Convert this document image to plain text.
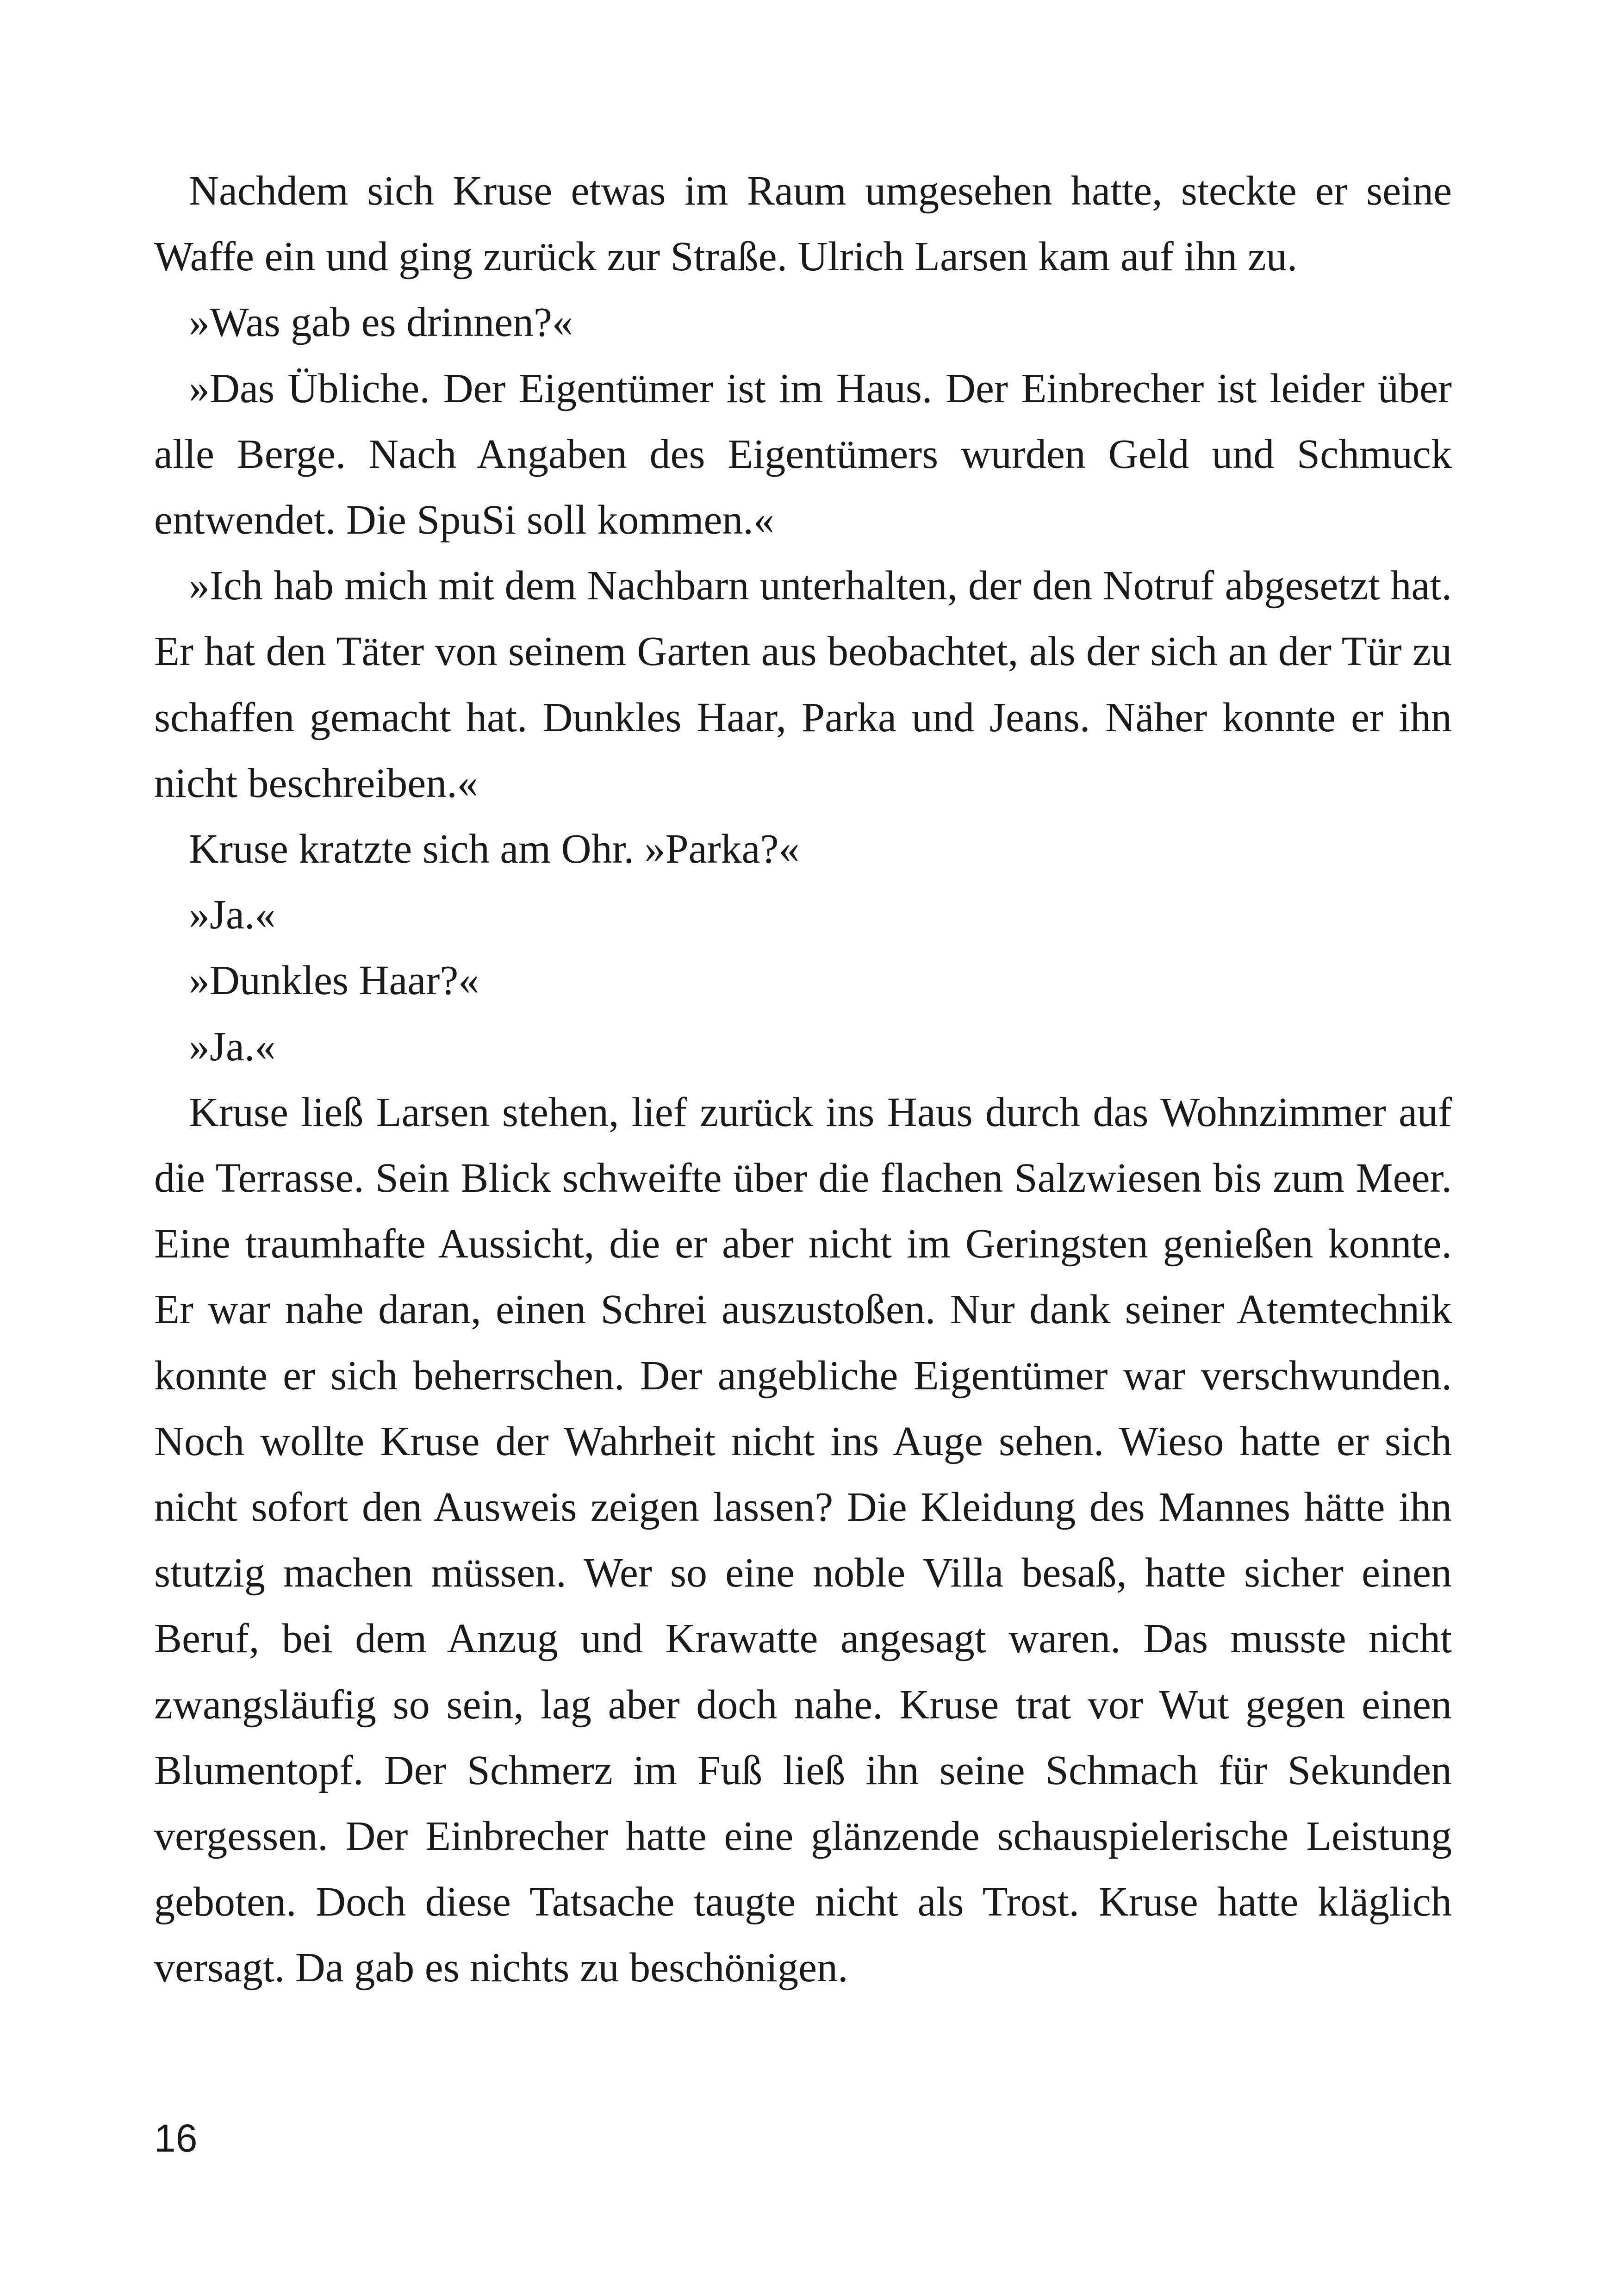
Nachdem sich Kruse etwas im Raum umgesehen hatte, steckte er seine Waffe ein und ging zurück zur Straße. Ulrich Larsen kam auf ihn zu.

»Was gab es drinnen?«

»Das Übliche. Der Eigentümer ist im Haus. Der Einbrecher ist leider über alle Berge. Nach Angaben des Eigentümers wurden Geld und Schmuck entwendet. Die SpuSi soll kommen.«

»Ich hab mich mit dem Nachbarn unterhalten, der den Notruf abgesetzt hat. Er hat den Täter von seinem Garten aus beobachtet, als der sich an der Tür zu schaffen gemacht hat. Dunkles Haar, Parka und Jeans. Näher konnte er ihn nicht beschreiben.«

Kruse kratzte sich am Ohr. »Parka?«

»Ja.«

»Dunkles Haar?«

»Ja.«

Kruse ließ Larsen stehen, lief zurück ins Haus durch das Wohnzimmer auf die Terrasse. Sein Blick schweifte über die flachen Salzwiesen bis zum Meer. Eine traumhafte Aussicht, die er aber nicht im Geringsten genießen konnte. Er war nahe daran, einen Schrei auszustoßen. Nur dank seiner Atemtechnik konnte er sich beherrschen. Der angebliche Eigentümer war verschwunden. Noch wollte Kruse der Wahrheit nicht ins Auge sehen. Wieso hatte er sich nicht sofort den Ausweis zeigen lassen? Die Kleidung des Mannes hätte ihn stutzig machen müssen. Wer so eine noble Villa besaß, hatte sicher einen Beruf, bei dem Anzug und Krawatte angesagt waren. Das musste nicht zwangsläufig so sein, lag aber doch nahe. Kruse trat vor Wut gegen einen Blumentopf. Der Schmerz im Fuß ließ ihn seine Schmach für Sekunden vergessen. Der Einbrecher hatte eine glänzende schauspielerische Leistung geboten. Doch diese Tatsache taugte nicht als Trost. Kruse hatte kläglich versagt. Da gab es nichts zu beschönigen.

16
